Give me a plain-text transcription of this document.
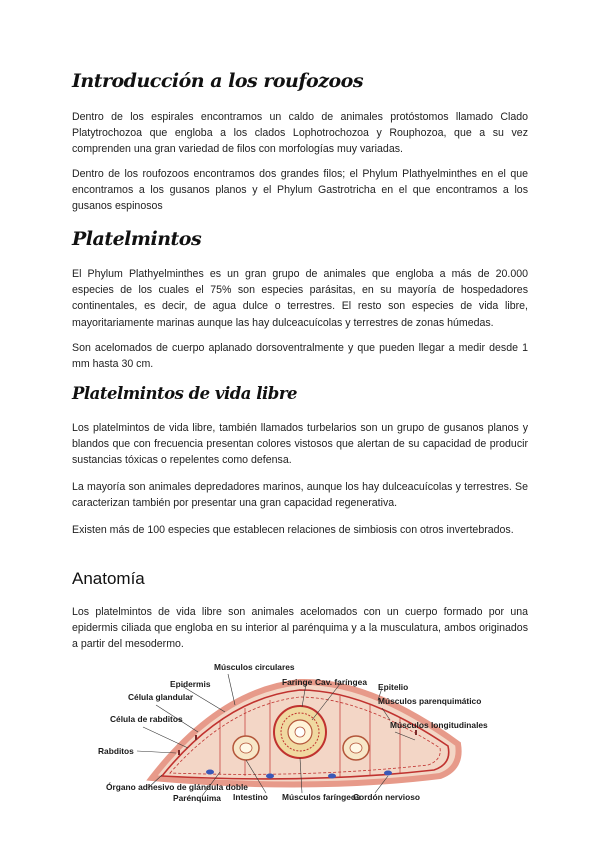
Introducción a los roufozoos

Dentro de los espirales encontramos un caldo de animales protóstomos llamado Clado Platytrochozoa que engloba a los clados Lophotrochozoa y Rouphozoa, que a su vez comprenden una gran variedad de filos con morfologías muy variadas.

Dentro de los roufozoos encontramos dos grandes filos; el Phylum Plathyelminthes en el que encontramos a los gusanos planos y el Phylum Gastrotricha en el que encontramos a los gusanos espinosos

Platelmintos

El Phylum Plathyelminthes es un gran grupo de animales que engloba a más de 20.000 especies de los cuales el 75% son especies parásitas, en su mayoría de hospedadores continentales, es decir, de agua dulce o terrestres. El resto son especies de vida libre, mayoritariamente marinas aunque las hay dulceacuícolas y terrestres de zonas húmedas.

Son acelomados de cuerpo aplanado dorsoventralmente y que pueden llegar a medir desde 1 mm hasta 30 cm.

Platelmintos de vida libre

Los platelmintos de vida libre, también llamados turbelarios son un grupo de gusanos planos y blandos que con frecuencia presentan colores vistosos que alertan de su capacidad de producir sustancias tóxicas o repelentes como defensa.

La mayoría son animales depredadores marinos, aunque los hay dulceacuícolas y terrestres. Se caracterizan también por presentar una gran capacidad regenerativa.

Existen más de 100 especies que establecen relaciones de simbiosis con otros invertebrados.

Anatomía

Los platelmintos de vida libre son animales acelomados con un cuerpo formado por una epidermis ciliada que engloba en su interior al parénquima y a la musculatura, ambos originados a partir del mesodermo.

Músculos circulares
Epidermis	Faringe Cav. faríngea Epitelio
Célula glandular	Músculos parenquimático
Célula de rabditos
Músculos longitudinales
Rabditos
Órgano adhesivo de glándula doble
Parénquima Intestino Músculos faríngeos
Cordón nervioso
